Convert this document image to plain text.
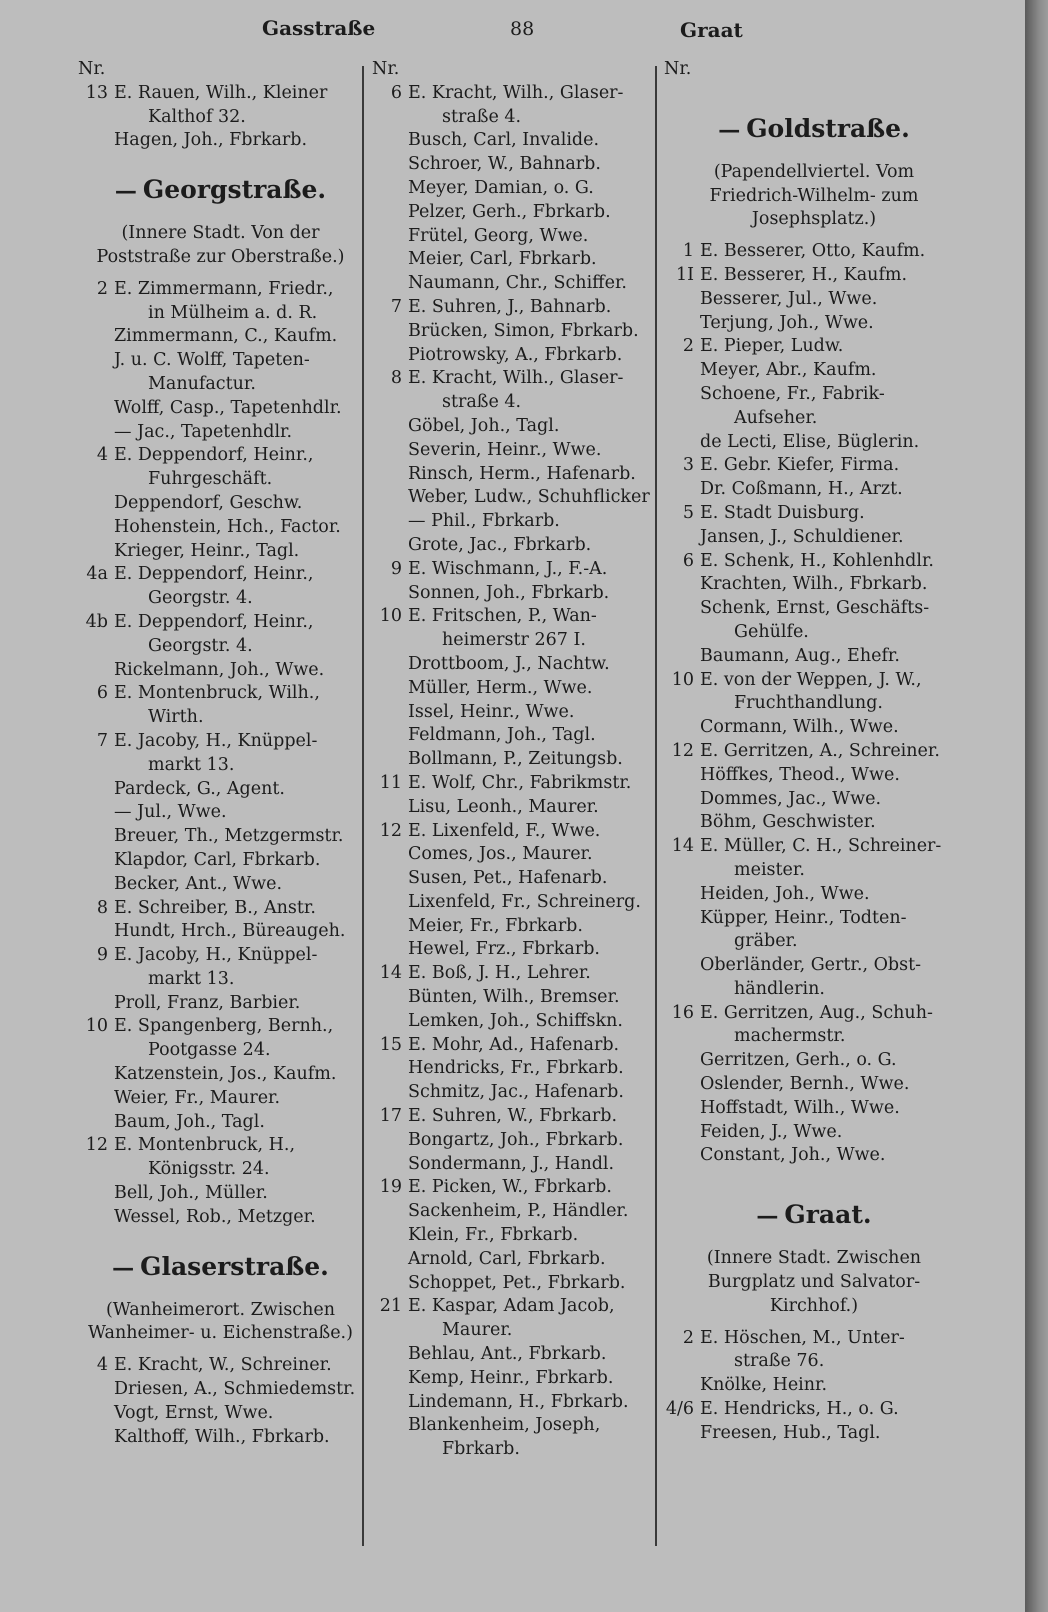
Gasstraße	88	Graat
Nr.
13 E. Rauen, Wilh., Kleiner
Kalthof 32.
Hagen, Joh., Fbrkarb.
— Georgstraße.
(Innere Stadt. Von der
Poststraße zur Oberstraße.)
2 E. Zimmermann, Friedr.,
in Mülheim a. d. R.
Zimmermann, C., Kaufm.
J. u. C. Wolff, Tapeten-
Manufactur.
Wolff, Casp., Tapetenhdlr.
— Jac., Tapetenhdlr.
4 E. Deppendorf, Heinr.,
Fuhrgeschäft.
Deppendorf, Geschw.
Hohenstein, Hch., Factor.
Krieger, Heinr., Tagl.
4a E. Deppendorf, Heinr.,
Georgstr. 4.
4b E. Deppendorf, Heinr.,
Georgstr. 4.
Rickelmann, Joh., Wwe.
6 E. Montenbruck, Wilh.,
Wirth.
7 E. Jacoby, H., Knüppel-
markt 13.
Pardeck, G., Agent.
— Jul., Wwe.
Breuer, Th., Metzgermstr.
Klapdor, Carl, Fbrkarb.
Becker, Ant., Wwe.
8 E. Schreiber, B., Anstr.
Hundt, Hrch., Büreaugeh.
9 E. Jacoby, H., Knüppel-
markt 13.
Proll, Franz, Barbier.
10 E. Spangenberg, Bernh.,
Pootgasse 24.
Katzenstein, Jos., Kaufm.
Weier, Fr., Maurer.
Baum, Joh., Tagl.
12 E. Montenbruck, H.,
Königsstr. 24.
Bell, Joh., Müller.
Wessel, Rob., Metzger.
— Glaserstraße.
(Wanheimerort. Zwischen
Wanheimer- u. Eichenstraße.)
4 E. Kracht, W., Schreiner.
Driesen, A., Schmiedemstr.
Vogt, Ernst, Wwe.
Kalthoff, Wilh., Fbrkarb.
Nr.
6 E. Kracht, Wilh., Glaser-
straße 4.
Busch, Carl, Invalide.
Schroer, W., Bahnarb.
Meyer, Damian, o. G.
Pelzer, Gerh., Fbrkarb.
Frütel, Georg, Wwe.
Meier, Carl, Fbrkarb.
Naumann, Chr., Schiffer.
7 E. Suhren, J., Bahnarb.
Brücken, Simon, Fbrkarb.
Piotrowsky, A., Fbrkarb.
8 E. Kracht, Wilh., Glaser-
straße 4.
Göbel, Joh., Tagl.
Severin, Heinr., Wwe.
Rinsch, Herm., Hafenarb.
Weber, Ludw., Schuhflicker
— Phil., Fbrkarb.
Grote, Jac., Fbrkarb.
9 E. Wischmann, J., F.-A.
Sonnen, Joh., Fbrkarb.
10 E. Fritschen, P., Wan-
heimerstr 267 I.
Drottboom, J., Nachtw.
Müller, Herm., Wwe.
Issel, Heinr., Wwe.
Feldmann, Joh., Tagl.
Bollmann, P., Zeitungsb.
11 E. Wolf, Chr., Fabrikmstr.
Lisu, Leonh., Maurer.
12 E. Lixenfeld, F., Wwe.
Comes, Jos., Maurer.
Susen, Pet., Hafenarb.
Lixenfeld, Fr., Schreinerg.
Meier, Fr., Fbrkarb.
Hewel, Frz., Fbrkarb.
14 E. Boß, J. H., Lehrer.
Bünten, Wilh., Bremser.
Lemken, Joh., Schiffskn.
15 E. Mohr, Ad., Hafenarb.
Hendricks, Fr., Fbrkarb.
Schmitz, Jac., Hafenarb.
17 E. Suhren, W., Fbrkarb.
Bongartz, Joh., Fbrkarb.
Sondermann, J., Handl.
19 E. Picken, W., Fbrkarb.
Sackenheim, P., Händler.
Klein, Fr., Fbrkarb.
Arnold, Carl, Fbrkarb.
Schoppet, Pet., Fbrkarb.
21 E. Kaspar, Adam Jacob,
Maurer.
Behlau, Ant., Fbrkarb.
Kemp, Heinr., Fbrkarb.
Lindemann, H., Fbrkarb.
Blankenheim, Joseph,
Fbrkarb.
Nr.
— Goldstraße.
(Papendellviertel. Vom
Friedrich-Wilhelm- zum
Josephsplatz.)
1 E. Besserer, Otto, Kaufm.
1I E. Besserer, H., Kaufm.
Besserer, Jul., Wwe.
Terjung, Joh., Wwe.
2 E. Pieper, Ludw.
Meyer, Abr., Kaufm.
Schoene, Fr., Fabrik-
Aufseher.
de Lecti, Elise, Büglerin.
3 E. Gebr. Kiefer, Firma.
Dr. Coßmann, H., Arzt.
5 E. Stadt Duisburg.
Jansen, J., Schuldiener.
6 E. Schenk, H., Kohlenhdlr.
Krachten, Wilh., Fbrkarb.
Schenk, Ernst, Geschäfts-
Gehülfe.
Baumann, Aug., Ehefr.
10 E. von der Weppen, J. W.,
Fruchthandlung.
Cormann, Wilh., Wwe.
12 E. Gerritzen, A., Schreiner.
Höffkes, Theod., Wwe.
Dommes, Jac., Wwe.
Böhm, Geschwister.
14 E. Müller, C. H., Schreiner-
meister.
Heiden, Joh., Wwe.
Küpper, Heinr., Todten-
gräber.
Oberländer, Gertr., Obst-
händlerin.
16 E. Gerritzen, Aug., Schuh-
machermstr.
Gerritzen, Gerh., o. G.
Oslender, Bernh., Wwe.
Hoffstadt, Wilh., Wwe.
Feiden, J., Wwe.
Constant, Joh., Wwe.
— Graat.
(Innere Stadt. Zwischen
Burgplatz und Salvator-
Kirchhof.)
2 E. Höschen, M., Unter-
straße 76.
Knölke, Heinr.
4/6 E. Hendricks, H., o. G.
Freesen, Hub., Tagl.
